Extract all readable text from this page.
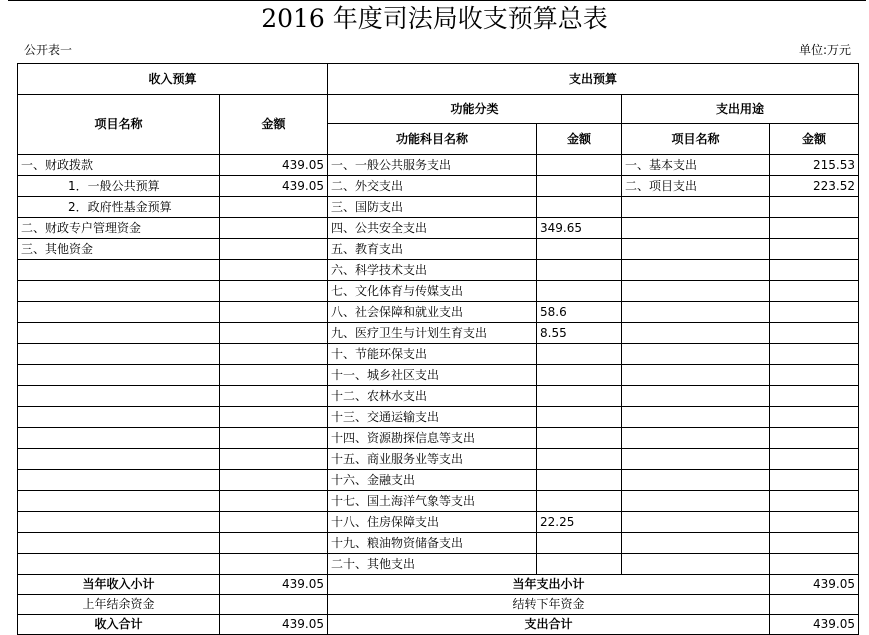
2016 年度司法局收支预算总表
公开表一	单位:万元
收入预算		支出预算			
项目名称	金额	功能分类		支出用途	
		功能科目名称	金额	项目名称	金额
一、财政拨款	439.05	一、一般公共服务支出		一、基本支出	215.53
1．一般公共预算	439.05	二、外交支出		二、项目支出	223.52
2．政府性基金预算		三、国防支出			
二、财政专户管理资金		四、公共安全支出	349.65		
三、其他资金		五、教育支出			
		六、科学技术支出			
		七、文化体育与传媒支出			
		八、社会保障和就业支出	58.6		
		九、医疗卫生与计划生育支出	8.55		
		十、节能环保支出			
		十一、城乡社区支出			
		十二、农林水支出			
		十三、交通运输支出			
		十四、资源勘探信息等支出			
		十五、商业服务业等支出			
		十六、金融支出			
		十七、国土海洋气象等支出			
		十八、住房保障支出	22.25		
		十九、粮油物资储备支出			
		二十、其他支出			
当年收入小计	439.05	当年支出小计			439.05
上年结余资金		结转下年资金			
收入合计	439.05	支出合计			439.05
